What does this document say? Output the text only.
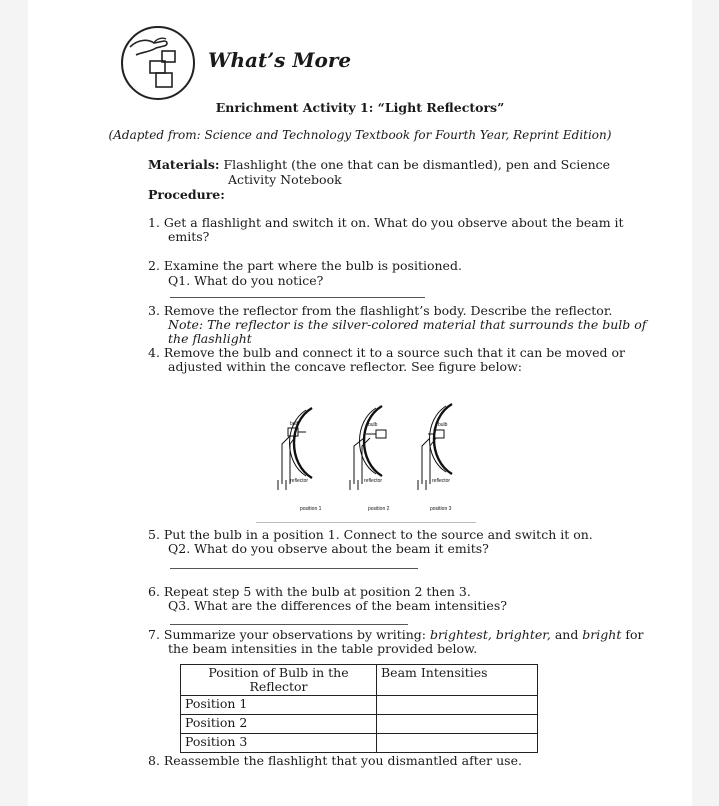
What’s More
Enrichment Activity 1: “Light Reflectors”
(Adapted from: Science and Technology Textbook for Fourth Year, Reprint Edition)
Materials: Flashlight (the one that can be dismantled), pen and Science
Activity Notebook
Procedure:
1. Get a flashlight and switch it on. What do you observe about the beam it
emits?
2. Examine the part where the bulb is positioned.
Q1. What do you notice?
3. Remove the reflector from the flashlight’s body. Describe the reflector.
Note: The reflector is the silver-colored material that surrounds the bulb of
the flashlight
4. Remove the bulb and connect it to a source such that it can be moved or
adjusted within the concave reflector. See figure below:
bulb	bulb	bulb
reflector	reflector	reflector
position 1	position 2	position 3
5. Put the bulb in a position 1. Connect to the source and switch it on.
Q2. What do you observe about the beam it emits?
6. Repeat step 5 with the bulb at position 2 then 3.
Q3. What are the differences of the beam intensities?
7. Summarize your observations by writing: brightest, brighter, and bright for
the beam intensities in the table provided below.
Position of Bulb in the
Reflector	Beam Intensities
Position 1	
Position 2	
Position 3	
8. Reassemble the flashlight that you dismantled after use.
